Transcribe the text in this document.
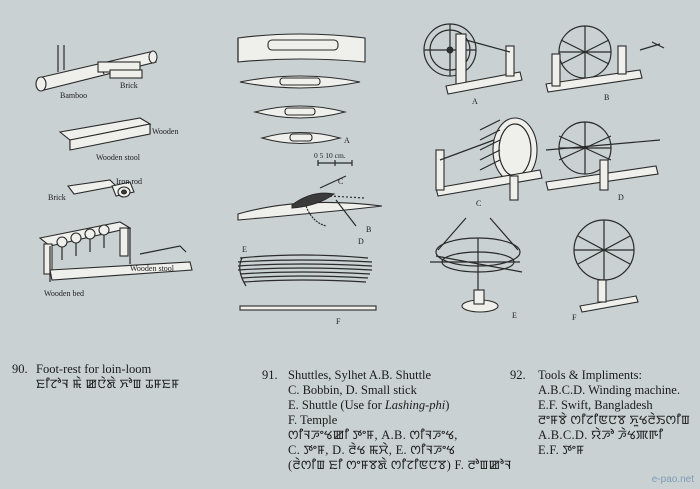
Bamboo
Brick
Wooden
Wooden stool
Iron rod
Brick
Wooden stool
Wooden bed
A
0 5 10 cm.
C
B
D
E
F
A	B
C
D
E	F
90. Foot-rest for loin-loom
ꯐꯤꯖꯣꯜ ꯃꯥ ꯀꯅꯥꯗꯥ ꯈꯣꯡ ꯊꯝꯐꯝ
91. Shuttles, Sylhet A.B. Shuttle
C. Bobbin, D. Small stick
E. Shuttle (Use for Lashing-phi)
F. Temple
ꯁꯤꯜꯍꯦꯠꯀꯤ ꯇꯦꯝ, A.B. ꯁꯤꯜꯍꯦꯠ,
C. ꯇꯦꯝ, D. ꯂꯥꯠ ꯃꯆꯥ, E. ꯁꯤꯜꯍꯦꯠ
(ꯂꯥꯁꯤꯡ ꯐꯤ ꯁꯦꯝꯕꯗꯥ ꯁꯤꯖꯤꯟꯅꯕ) F. ꯂꯣꯡꯀꯣꯜ
92. Tools & Impliments:
A.B.C.D. Winding machine.
E.F. Swift, Bangladesh
ꯂꯦꯝꯕꯥ ꯁꯤꯖꯤꯟꯅꯕ ꯈꯨꯠꯂꯥꯏꯁꯤꯡ
A.B.C.D. ꯌꯥꯍꯣ ꯍꯥꯠꯄꯒꯤ
E.F. ꯇꯦꯝ
e-pao.net
